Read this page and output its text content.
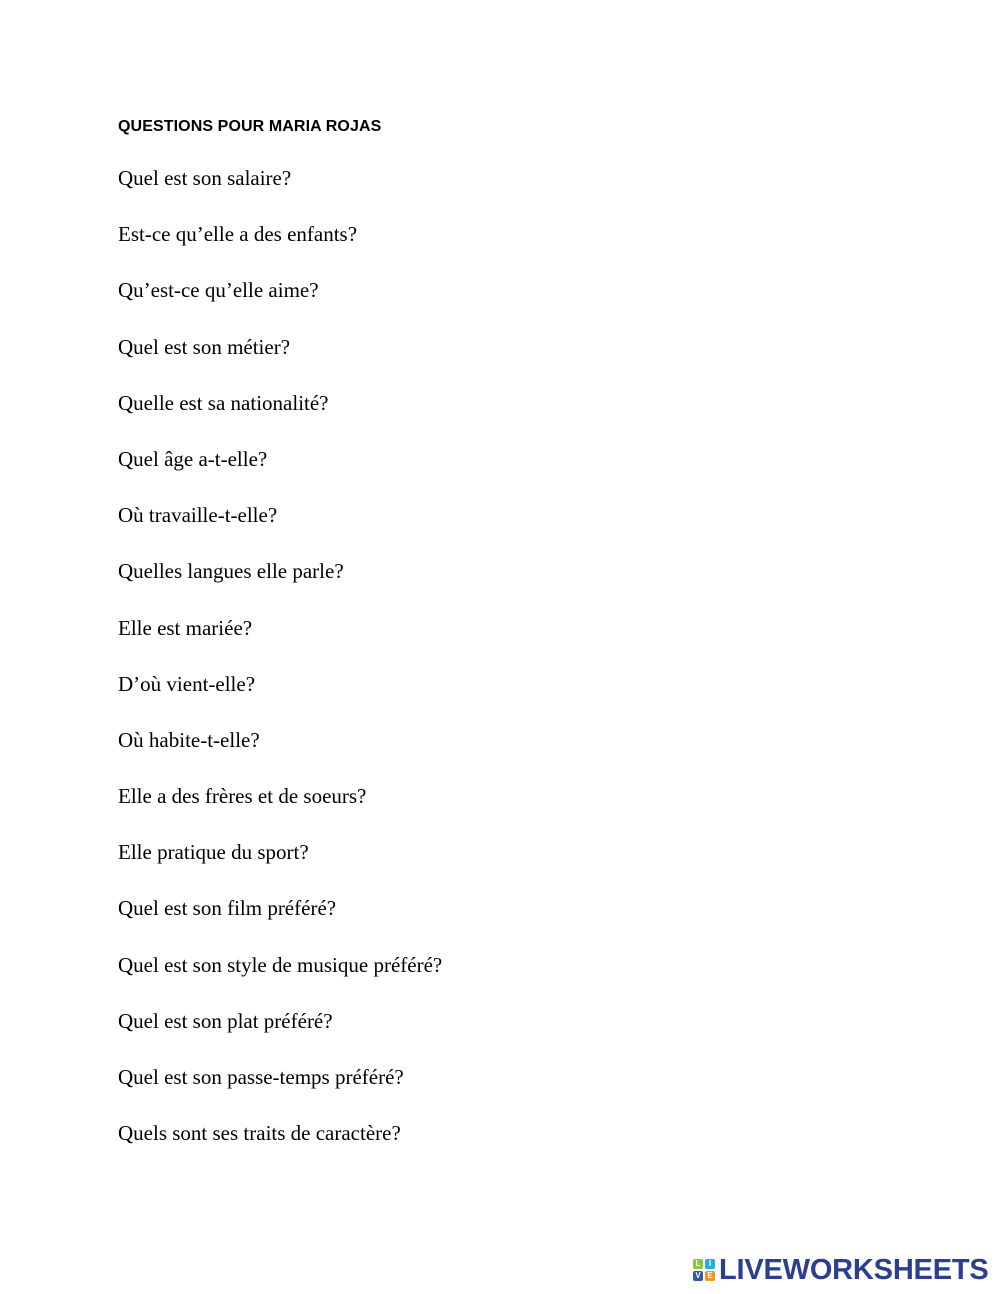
QUESTIONS POUR MARIA ROJAS
Quel est son salaire?
Est-ce qu’elle a des enfants?
Qu’est-ce qu’elle aime?
Quel est son métier?
Quelle est sa nationalité?
Quel âge a-t-elle?
Où travaille-t-elle?
Quelles langues elle parle?
Elle est mariée?
D’où vient-elle?
Où habite-t-elle?
Elle a des frères et de soeurs?
Elle pratique du sport?
Quel est son film préféré?
Quel est son style de musique préféré?
Quel est son plat préféré?
Quel est son passe-temps préféré?
Quels sont ses traits de caractère?
L	I
V E LIVEWORKSHEETS
